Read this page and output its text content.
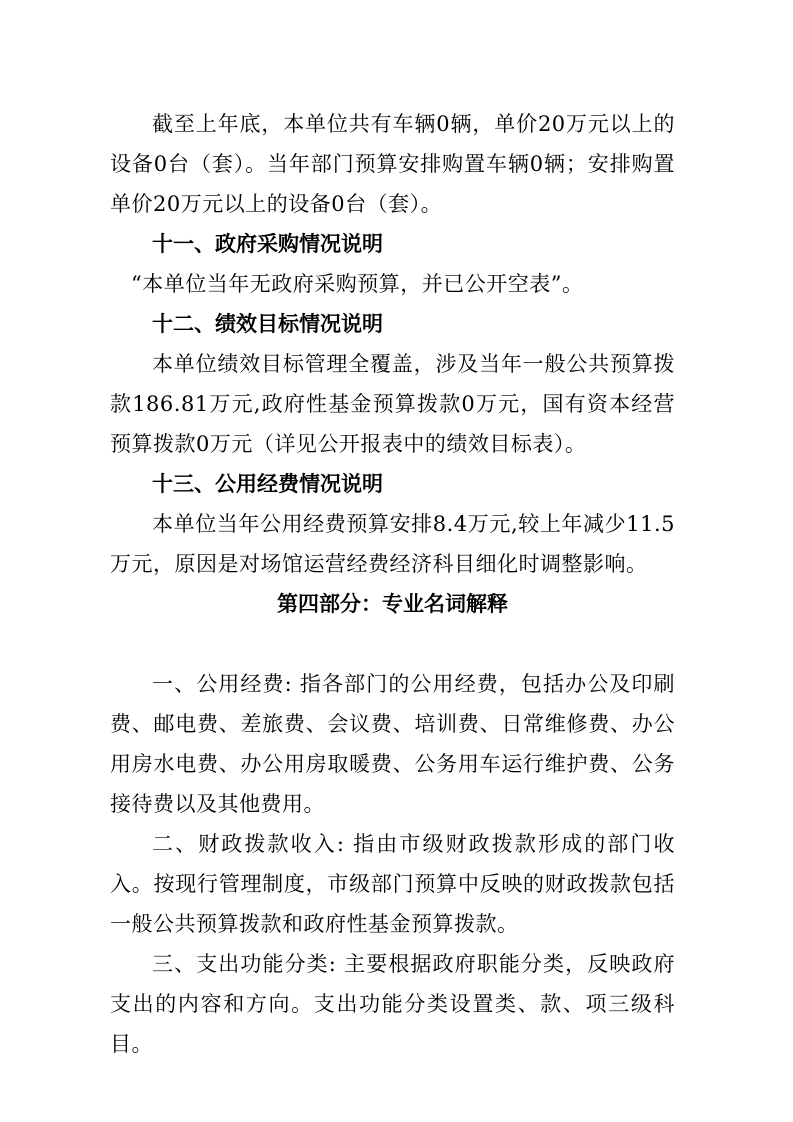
截至上年底，本单位共有车辆0辆，单价20万元以上的设备0台（套）。当年部门预算安排购置车辆0辆；安排购置单价20万元以上的设备0台（套）。

十一、政府采购情况说明

“本单位当年无政府采购预算，并已公开空表”。

十二、绩效目标情况说明

本单位绩效目标管理全覆盖，涉及当年一般公共预算拨款186.81万元,政府性基金预算拨款0万元，国有资本经营预算拨款0万元（详见公开报表中的绩效目标表）。

十三、公用经费情况说明

本单位当年公用经费预算安排8.4万元,较上年减少11.5万元，原因是对场馆运营经费经济科目细化时调整影响。

第四部分：专业名词解释

一、公用经费: 指各部门的公用经费，包括办公及印刷费、邮电费、差旅费、会议费、培训费、日常维修费、办公用房水电费、办公用房取暖费、公务用车运行维护费、公务接待费以及其他费用。

二、财政拨款收入: 指由市级财政拨款形成的部门收入。按现行管理制度，市级部门预算中反映的财政拨款包括一般公共预算拨款和政府性基金预算拨款。

三、支出功能分类: 主要根据政府职能分类，反映政府支出的内容和方向。支出功能分类设置类、款、项三级科目。
